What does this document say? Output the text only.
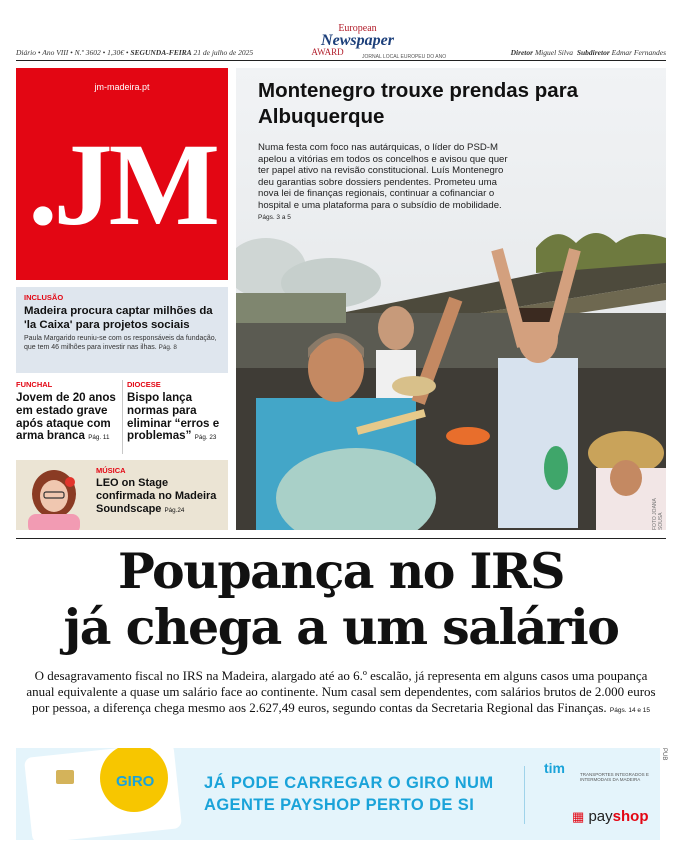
Diário • Ano VIII • N.º 3602 • 1,30€ • SEGUNDA-FEIRA 21 de julho de 2025	Diretor Miguel Silva Subdiretor Edmar Fernandes
European
Newspaper
AWARD	JORNAL LOCAL EUROPEU DO ANO
jm-madeira.pt
.JM
Montenegro trouxe prendas para Albuquerque
Numa festa com foco nas autárquicas, o líder do PSD-M apelou a vitórias em todos os concelhos e avisou que quer ter papel ativo na revisão constitucional. Luís Montenegro deu garantias sobre dossiers pendentes. Prometeu uma nova lei de finanças regionais, continuar a cofinanciar o hospital e uma plataforma para o subsídio de mobilidade. Págs. 3 a 5
FOTO JOANA SOUSA
INCLUSÃO
Madeira procura captar milhões da 'la Caixa' para projetos sociais
Paula Margarido reuniu-se com os responsáveis da fundação, que tem 46 milhões para investir nas ilhas. Pág. 8
FUNCHAL
Jovem de 20 anos em estado grave após ataque com arma branca Pág. 11
DIOCESE
Bispo lança normas para eliminar “erros e problemas” Pág. 23
MÚSICA
LEO on Stage confirmada no Madeira Soundscape Pág.24
Poupança no IRS
já chega a um salário
O desagravamento fiscal no IRS na Madeira, alargado até ao 6.º escalão, já representa em alguns casos uma poupança anual equivalente a quase um salário face ao continente. Num casal sem dependentes, com salários brutos de 2.000 euros por pessoa, a diferença chega mesmo aos 2.627,49 euros, segundo contas da Secretaria Regional das Finanças. Págs. 14 e 15
GIRO	JÁ PODE CARREGAR O GIRO NUM
AGENTE PAYSHOP PERTO DE SI
tim	TRANSPORTES INTEGRADOS E INTERMODAIS DA MADEIRA
▦ payshop
PUB
